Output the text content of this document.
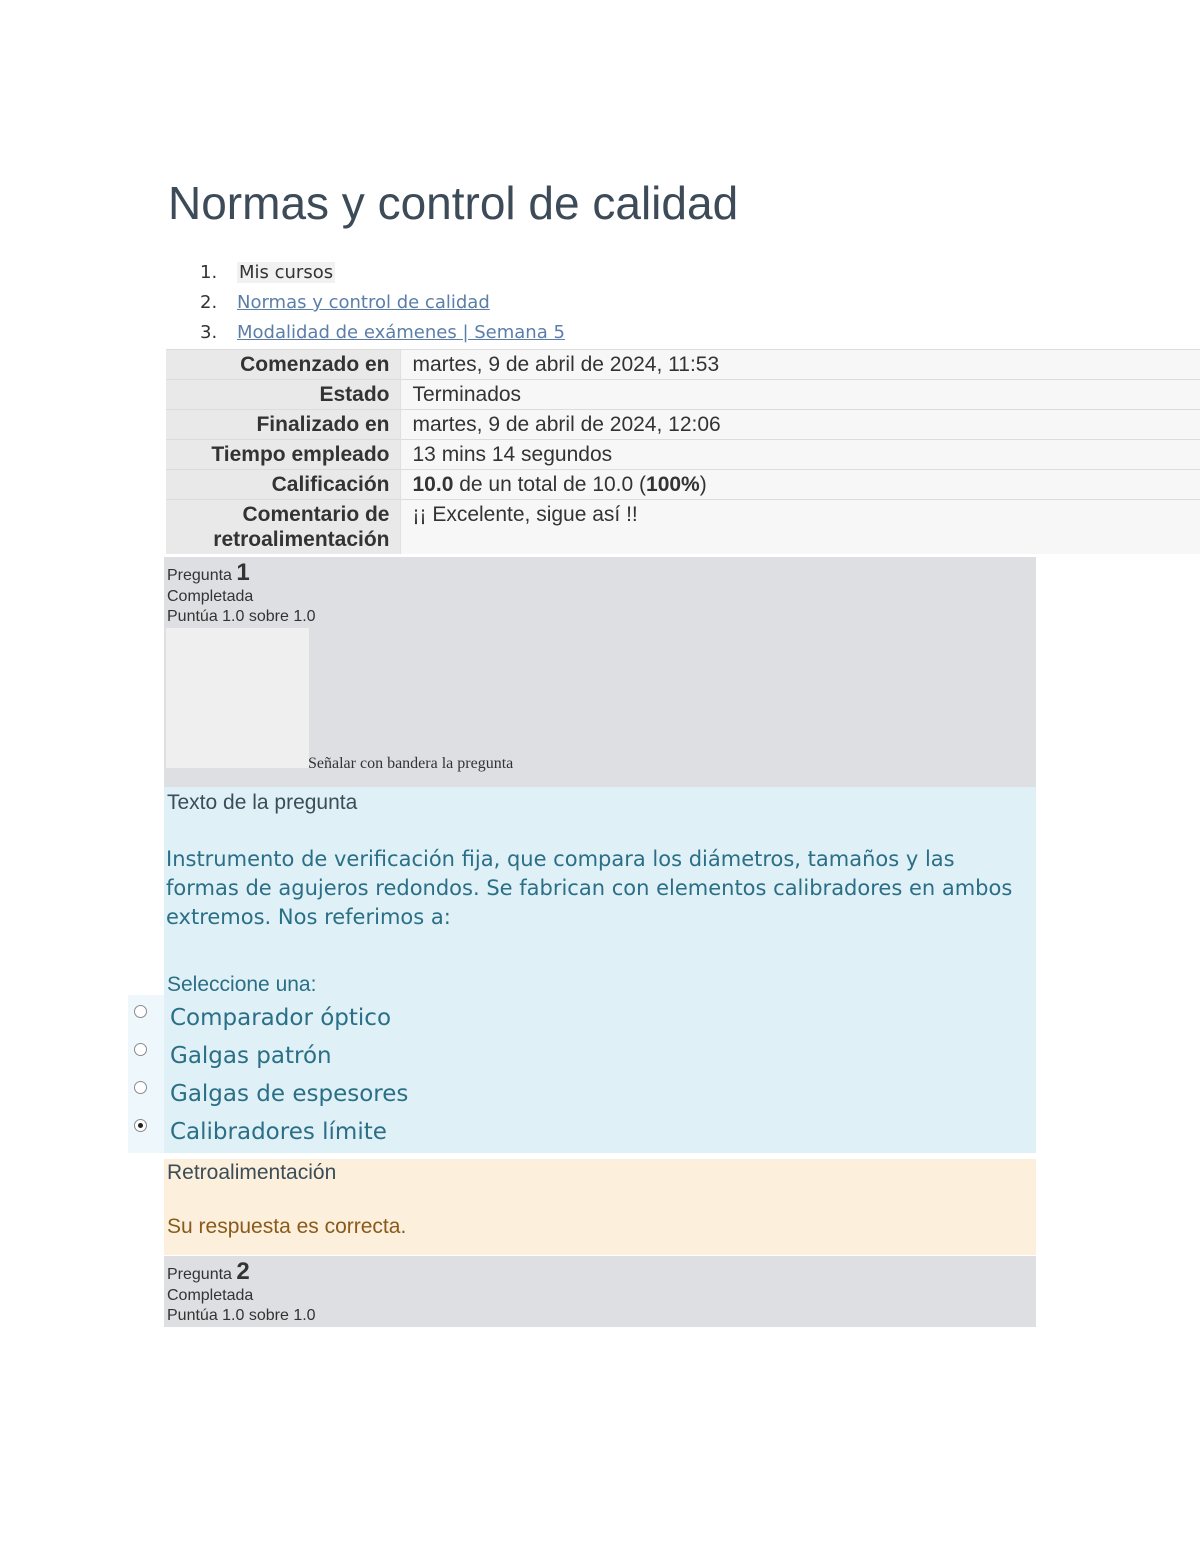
Normas y control de calidad
1. Mis cursos
2. Normas y control de calidad
3. Modalidad de exámenes | Semana 5
Comenzado en	martes, 9 de abril de 2024, 11:53
Estado	Terminados
Finalizado en	martes, 9 de abril de 2024, 12:06
Tiempo empleado	13 mins 14 segundos
Calificación	10.0 de un total de 10.0 (100%)
Comentario de retroalimentación	¡¡ Excelente, sigue así !!
Pregunta 1
Completada
Puntúa 1.0 sobre 1.0
Señalar con bandera la pregunta
Texto de la pregunta

Instrumento de verificación fija, que compara los diámetros, tamaños y las formas de agujeros redondos. Se fabrican con elementos calibradores en ambos extremos. Nos referimos a:

Seleccione una:
Comparador óptico
Galgas patrón
Galgas de espesores
Calibradores límite
Retroalimentación
Su respuesta es correcta.
Pregunta 2
Completada
Puntúa 1.0 sobre 1.0
